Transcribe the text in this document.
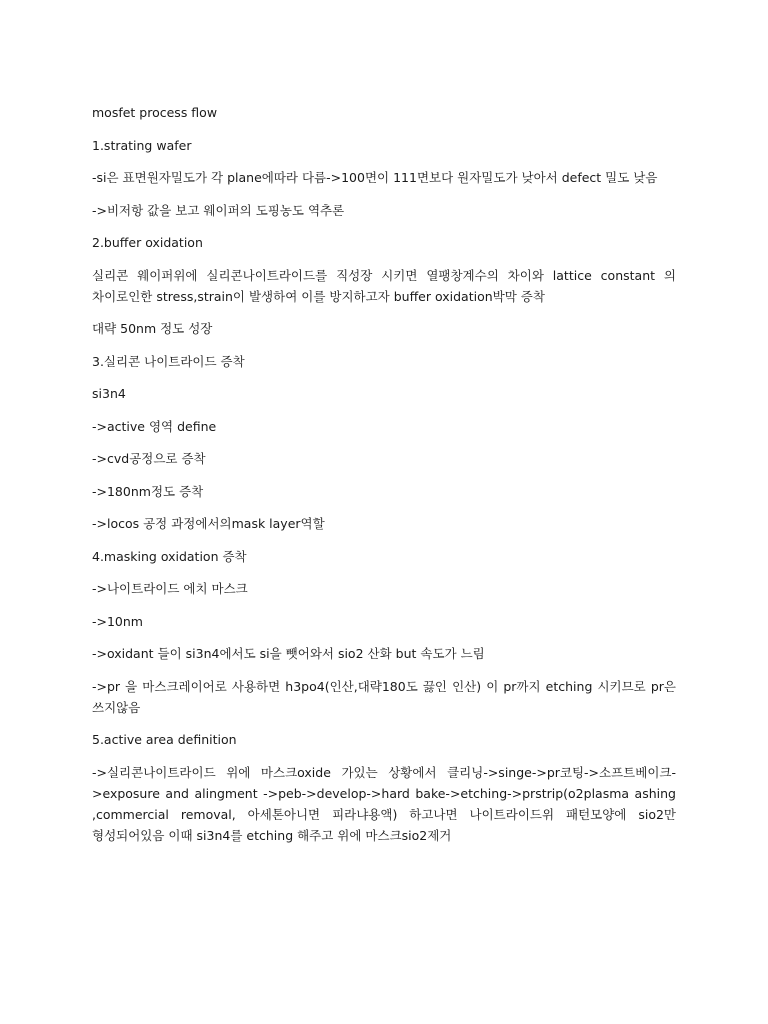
mosfet process flow
1.strating wafer
-si은 표면원자밀도가 각 plane에따라 다름->100면이 111면보다 원자밀도가 낮아서 defect 밀도 낮음
->비저항 값을 보고 웨이퍼의 도핑농도 역추론
2.buffer oxidation
실리콘 웨이퍼위에 실리콘나이트라이드를 직성장 시키면 열팽창계수의 차이와 lattice constant 의 차이로인한 stress,strain이 발생하여 이를 방지하고자 buffer oxidation박막 증착
대략 50nm 정도 성장
3.실리콘 나이트라이드 증착
si3n4
->active 영역 define
->cvd공정으로 증착
->180nm정도 증착
->locos 공정 과정에서의mask layer역할
4.masking oxidation 증착
->나이트라이드 에치 마스크
->10nm
->oxidant 들이 si3n4에서도 si을 뺏어와서 sio2 산화 but 속도가 느림
->pr 을 마스크레이어로 사용하면 h3po4(인산,대략180도 끓인 인산) 이 pr까지 etching 시키므로 pr은 쓰지않음
5.active area definition
->실리콘나이트라이드 위에 마스크oxide 가있는 상황에서 클리닝->singe->pr코팅->소프트베이크->exposure and alingment ->peb->develop->hard bake->etching->prstrip(o2plasma ashing ,commercial removal, 아세톤아니면 피라냐용액) 하고나면 나이트라이드위 패턴모양에 sio2만 형성되어있음 이때 si3n4를 etching 해주고 위에 마스크sio2제거
